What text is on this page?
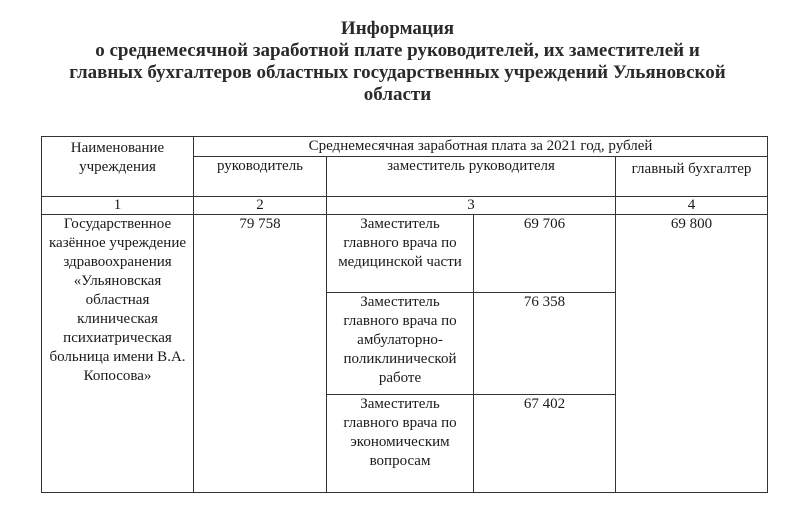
Информация
о среднемесячной заработной плате руководителей, их заместителей и
главных бухгалтеров областных государственных учреждений Ульяновской
области
Наименование учреждения	Среднемесячная заработная плата за 2021 год, рублей			
	руководитель	заместитель руководителя		главный бухгалтер
1	2	3		4
Государственное казённое учреждение здравоохранения «Ульяновская областная клиническая психиатрическая больница имени В.А. Копосова»	79 758	Заместитель главного врача по медицинской части	69 706	69 800
		Заместитель главного врача по амбулаторно-поликлинической работе	76 358	
		Заместитель главного врача по экономическим вопросам	67 402	
